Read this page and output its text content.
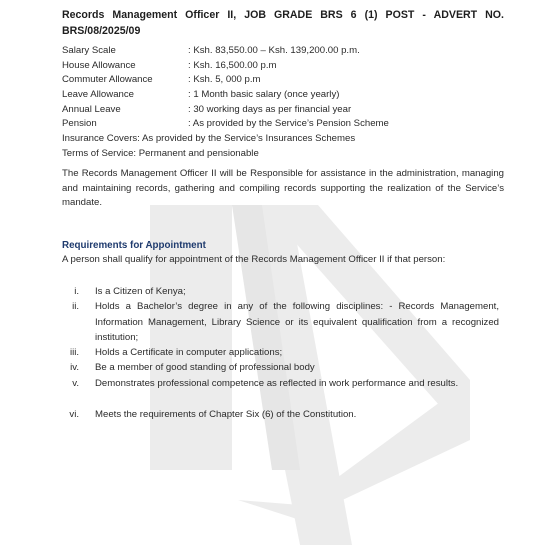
Records Management Officer II, JOB GRADE BRS 6 (1) POST - ADVERT NO.
BRS/08/2025/09
Salary Scale	: Ksh. 83,550.00 – Ksh. 139,200.00 p.m.
House Allowance	: Ksh. 16,500.00 p.m
Commuter Allowance	: Ksh. 5, 000 p.m
Leave Allowance	: 1 Month basic salary (once yearly)
Annual Leave	: 30 working days as per financial year
Pension	: As provided by the Service’s Pension Scheme
Insurance Covers: As provided by the Service’s Insurances Schemes
Terms of Service: Permanent and pensionable
The Records Management Officer II will be Responsible for assistance in the administration, managing and maintaining records, gathering and compiling records supporting the realization of the Service’s mandate.
Requirements for Appointment
A person shall qualify for appointment of the Records Management Officer II if that person:
i. Is a Citizen of Kenya;
ii. Holds a Bachelor’s degree in any of the following disciplines: - Records Management, Information Management, Library Science or its equivalent qualification from a recognized institution;
iii. Holds a Certificate in computer applications;
iv. Be a member of good standing of professional body
v. Demonstrates professional competence as reflected in work performance and results.
vi. Meets the requirements of Chapter Six (6) of the Constitution.
